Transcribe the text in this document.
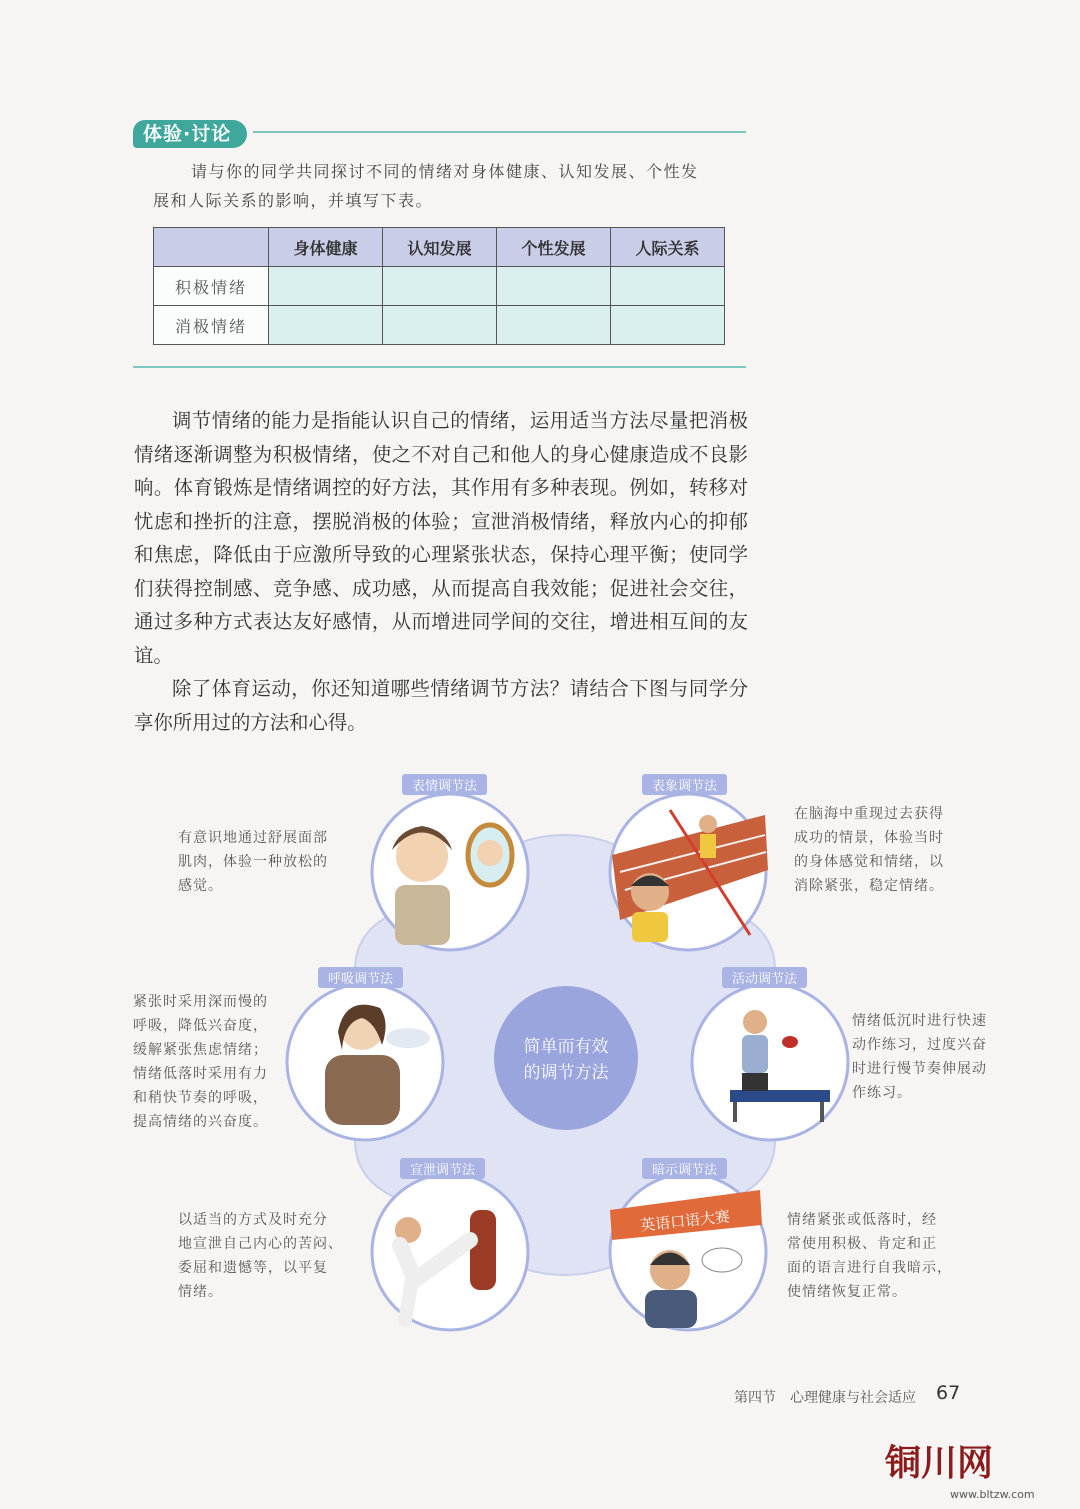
体验·讨论

请与你的同学共同探讨不同的情绪对身体健康、认知发展、个性发

展和人际关系的影响，并填写下表。

	身体健康	认知发展	个性发展	人际关系
积极情绪				
消极情绪				

调节情绪的能力是指能认识自己的情绪，运用适当方法尽量把消极情绪逐渐调整为积极情绪，使之不对自己和他人的身心健康造成不良影响。体育锻炼是情绪调控的好方法，其作用有多种表现。例如，转移对忧虑和挫折的注意，摆脱消极的体验；宣泄消极情绪，释放内心的抑郁和焦虑，降低由于应激所导致的心理紧张状态，保持心理平衡；使同学们获得控制感、竞争感、成功感，从而提高自我效能；促进社会交往，通过多种方式表达友好感情，从而增进同学间的交往，增进相互间的友谊。

除了体育运动，你还知道哪些情绪调节方法？请结合下图与同学分享你所用过的方法和心得。

简单而有效
的调节方法
英语口语大赛
表情调节法	表象调节法
呼吸调节法	活动调节法
宣泄调节法	暗示调节法
有意识地通过舒展面部
肌肉，体验一种放松的
感觉。
在脑海中重现过去获得
成功的情景，体验当时
的身体感觉和情绪，以
消除紧张，稳定情绪。
紧张时采用深而慢的
呼吸，降低兴奋度，
缓解紧张焦虑情绪；
情绪低落时采用有力
和稍快节奏的呼吸，
提高情绪的兴奋度。
情绪低沉时进行快速
动作练习，过度兴奋
时进行慢节奏伸展动
作练习。
以适当的方式及时充分
地宣泄自己内心的苦闷、
委屈和遗憾等，以平复
情绪。
情绪紧张或低落时，经
常使用积极、肯定和正
面的语言进行自我暗示，
使情绪恢复正常。
第四节　心理健康与社会适应 67
铜川网
www.bltzw.com
